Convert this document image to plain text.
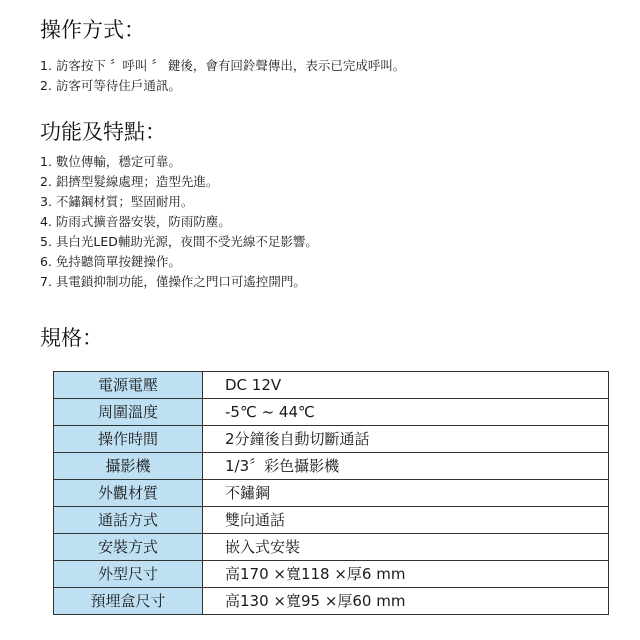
操作方式：
1. 訪客按下 〞呼叫 〞 鍵後，會有回鈴聲傳出，表示已完成呼叫。
2. 訪客可等待住戶通訊。
功能及特點：
1. 數位傳輸，穩定可靠。
2. 鋁擠型髮線處理；造型先進。
3. 不鏽鋼材質；堅固耐用。
4. 防雨式擴音器安裝，防雨防塵。
5. 具白光LED輔助光源，夜間不受光線不足影響。
6. 免持聽筒單按鍵操作。
7. 具電鎖抑制功能，僅操作之門口可遙控開門。
規格：
電源電壓	DC 12V
周圍溫度	-5℃ ~ 44℃
操作時間	2分鐘後自動切斷通話
攝影機	1/3〞彩色攝影機
外觀材質	不鏽鋼
通話方式	雙向通話
安裝方式	嵌入式安裝
外型尺寸	高170 ×寬118 ×厚6 mm
預埋盒尺寸	高130 ×寬95 ×厚60 mm
